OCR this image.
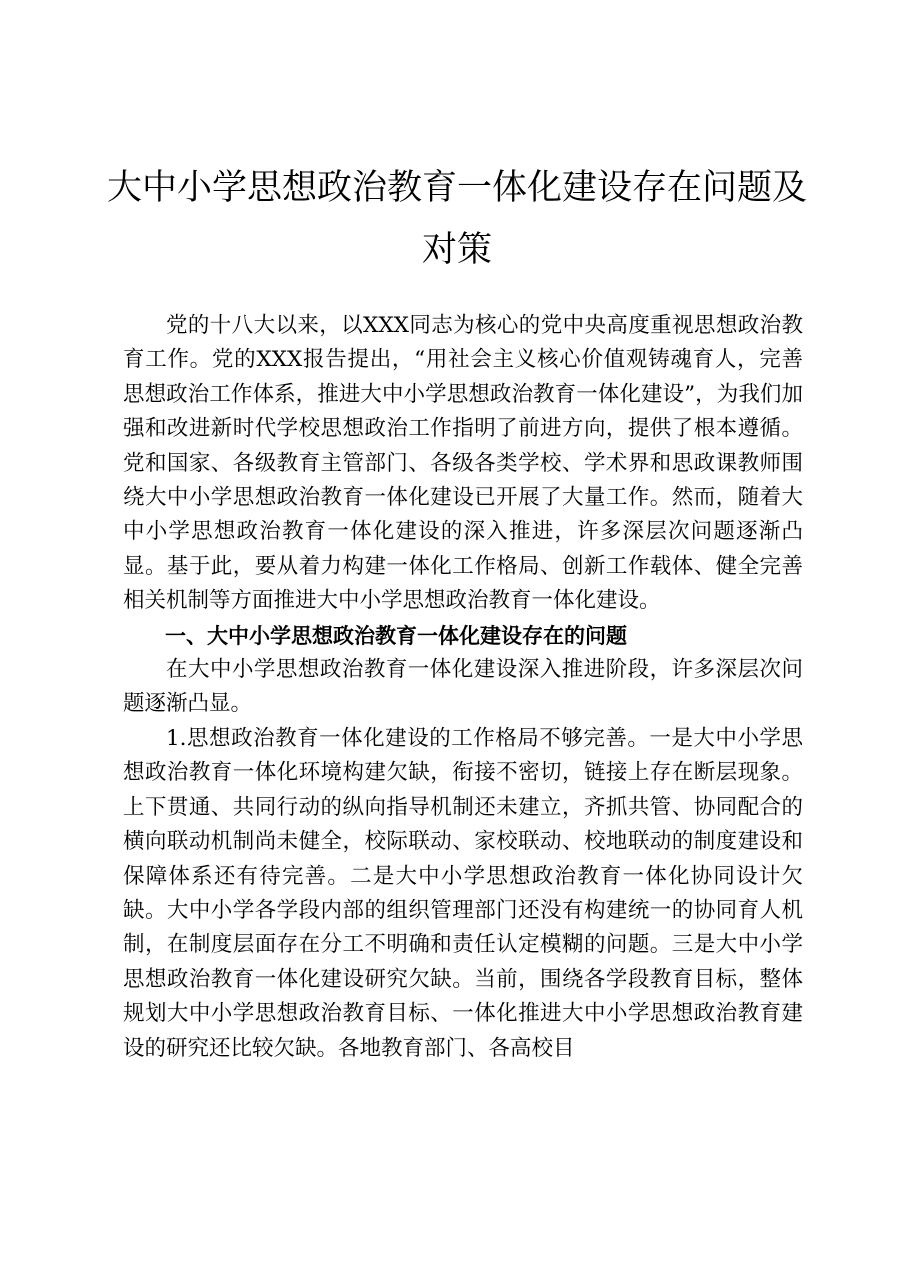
大中小学思想政治教育一体化建设存在问题及
对策

党的十八大以来，以XXX同志为核心的党中央高度重视思想政治教育工作。党的XXX报告提出，“用社会主义核心价值观铸魂育人，完善思想政治工作体系，推进大中小学思想政治教育一体化建设”，为我们加强和改进新时代学校思想政治工作指明了前进方向，提供了根本遵循。党和国家、各级教育主管部门、各级各类学校、学术界和思政课教师围绕大中小学思想政治教育一体化建设已开展了大量工作。然而，随着大中小学思想政治教育一体化建设的深入推进，许多深层次问题逐渐凸显。基于此，要从着力构建一体化工作格局、创新工作载体、健全完善相关机制等方面推进大中小学思想政治教育一体化建设。

一、大中小学思想政治教育一体化建设存在的问题

在大中小学思想政治教育一体化建设深入推进阶段，许多深层次问题逐渐凸显。

1.思想政治教育一体化建设的工作格局不够完善。一是大中小学思想政治教育一体化环境构建欠缺，衔接不密切，链接上存在断层现象。上下贯通、共同行动的纵向指导机制还未建立，齐抓共管、协同配合的横向联动机制尚未健全，校际联动、家校联动、校地联动的制度建设和保障体系还有待完善。二是大中小学思想政治教育一体化协同设计欠缺。大中小学各学段内部的组织管理部门还没有构建统一的协同育人机制，在制度层面存在分工不明确和责任认定模糊的问题。三是大中小学思想政治教育一体化建设研究欠缺。当前，围绕各学段教育目标，整体规划大中小学思想政治教育目标、一体化推进大中小学思想政治教育建设的研究还比较欠缺。各地教育部门、各高校目
